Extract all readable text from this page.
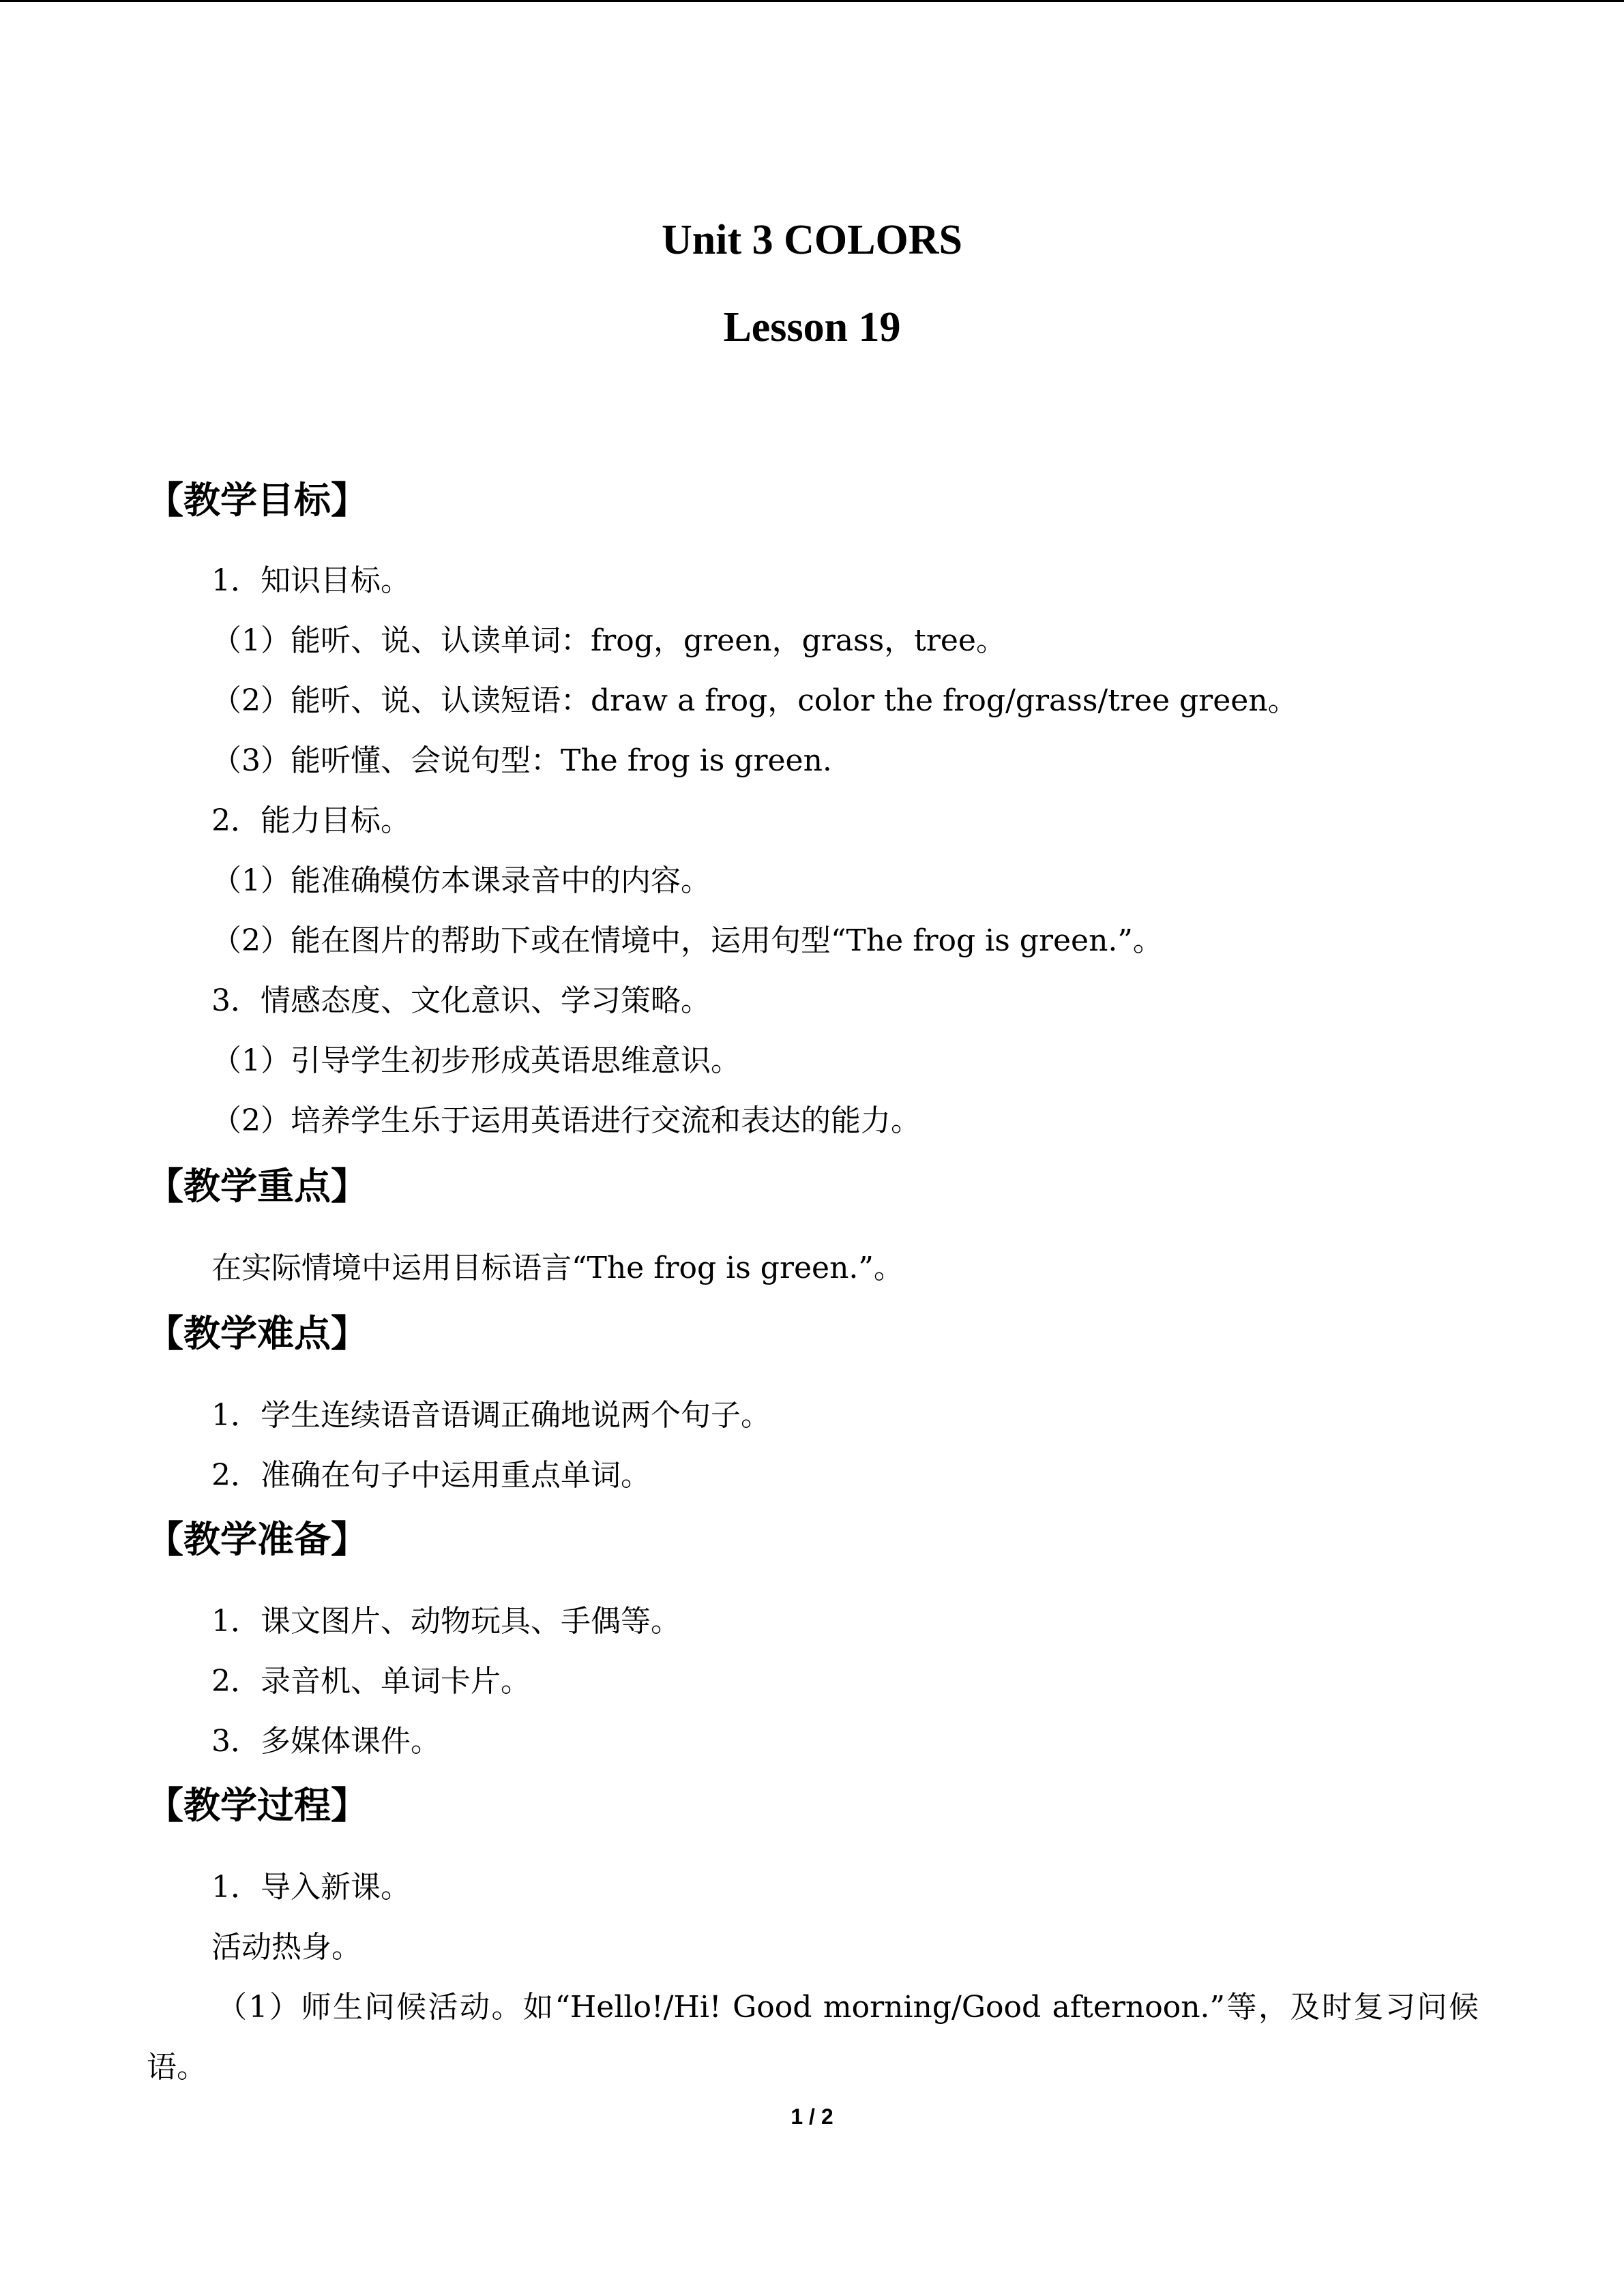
Unit 3 COLORS
Lesson 19
【教学目标】
1．知识目标。
（1）能听、说、认读单词：frog，green，grass，tree。
（2）能听、说、认读短语：draw a frog，color the frog/grass/tree green。
（3）能听懂、会说句型：The frog is green.
2．能力目标。
（1）能准确模仿本课录音中的内容。
（2）能在图片的帮助下或在情境中，运用句型“The frog is green.”。
3．情感态度、文化意识、学习策略。
（1）引导学生初步形成英语思维意识。
（2）培养学生乐于运用英语进行交流和表达的能力。
【教学重点】
在实际情境中运用目标语言“The frog is green.”。
【教学难点】
1．学生连续语音语调正确地说两个句子。
2．准确在句子中运用重点单词。
【教学准备】
1．课文图片、动物玩具、手偶等。
2．录音机、单词卡片。
3．多媒体课件。
【教学过程】
1．导入新课。
活动热身。
（1）师生问候活动。如“Hello!/Hi! Good morning/Good afternoon.”等，及时复习问候
语。
1 / 2
